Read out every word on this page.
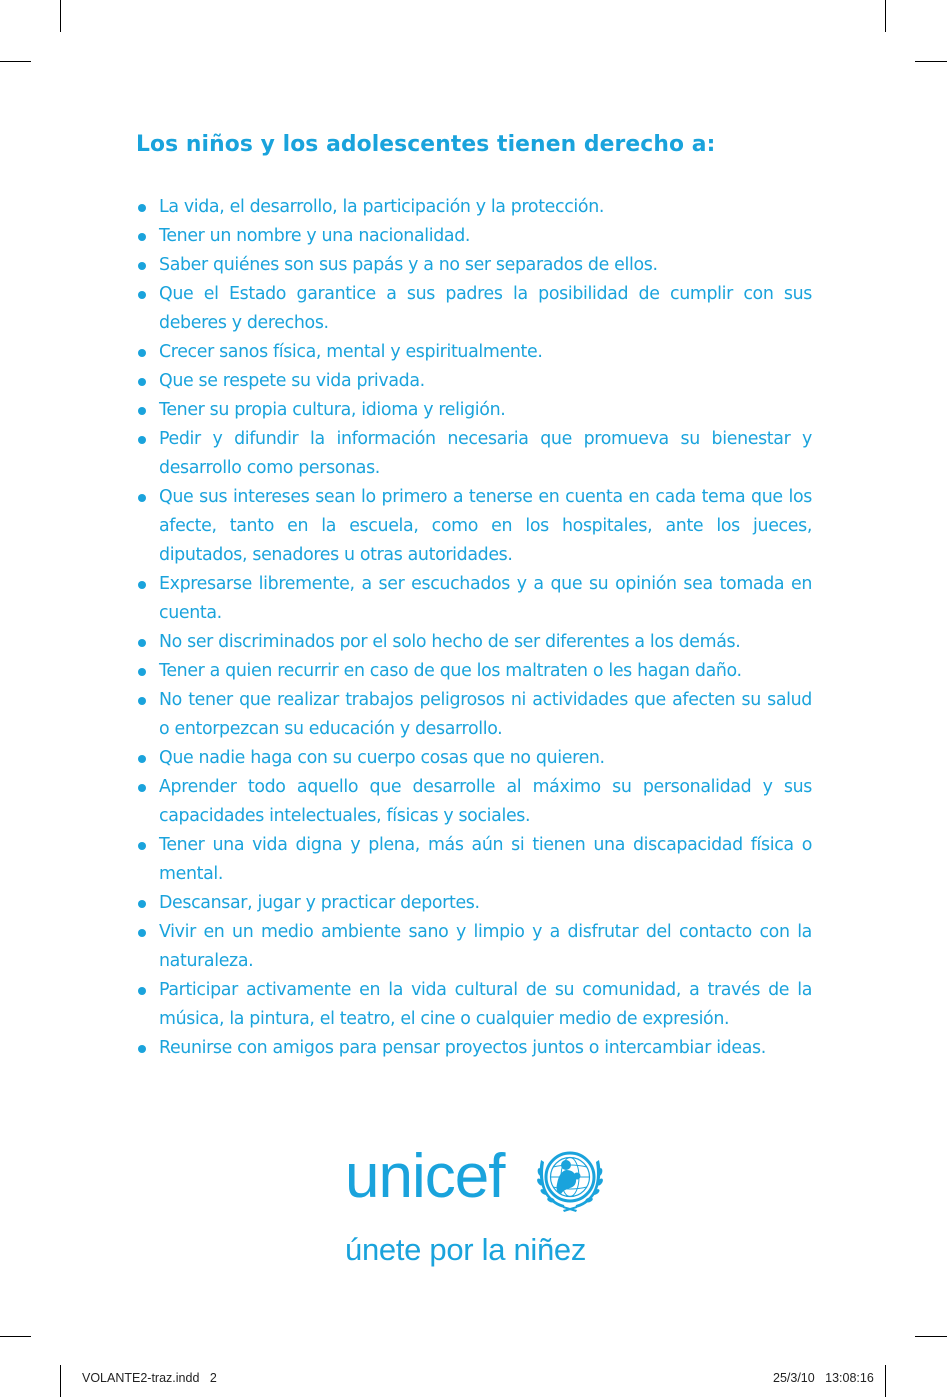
Los niños y los adolescentes tienen derecho a:
La vida, el desarrollo, la participación y la protección.
Tener un nombre y una nacionalidad.
Saber quiénes son sus papás y a no ser separados de ellos.
Que el Estado garantice a sus padres la posibilidad de cumplir con sus deberes y derechos.
Crecer sanos física, mental y espiritualmente.
Que se respete su vida privada.
Tener su propia cultura, idioma y religión.
Pedir y difundir la información necesaria que promueva su bienestar y desarrollo como personas.
Que sus intereses sean lo primero a tenerse en cuenta en cada tema que los afecte, tanto en la escuela, como en los hospitales, ante los jueces, diputados, senadores u otras autoridades.
Expresarse libremente, a ser escuchados y a que su opinión sea tomada en cuenta.
No ser discriminados por el solo hecho de ser diferentes a los demás.
Tener a quien recurrir en caso de que los maltraten o les hagan daño.
No tener que realizar trabajos peligrosos ni actividades que afecten su salud o entorpezcan su educación y desarrollo.
Que nadie haga con su cuerpo cosas que no quieren.
Aprender todo aquello que desarrolle al máximo su personalidad y sus capacidades intelectuales, físicas y sociales.
Tener una vida digna y plena, más aún si tienen una discapacidad física o mental.
Descansar, jugar y practicar deportes.
Vivir en un medio ambiente sano y limpio y a disfrutar del contacto con la naturaleza.
Participar activamente en la vida cultural de su comunidad, a través de la música, la pintura, el teatro, el cine o cualquier medio de expresión.
Reunirse con amigos para pensar proyectos juntos o intercambiar ideas.
unicef
únete por la niñez
VOLANTE2-traz.indd   2	25/3/10   13:08:16
